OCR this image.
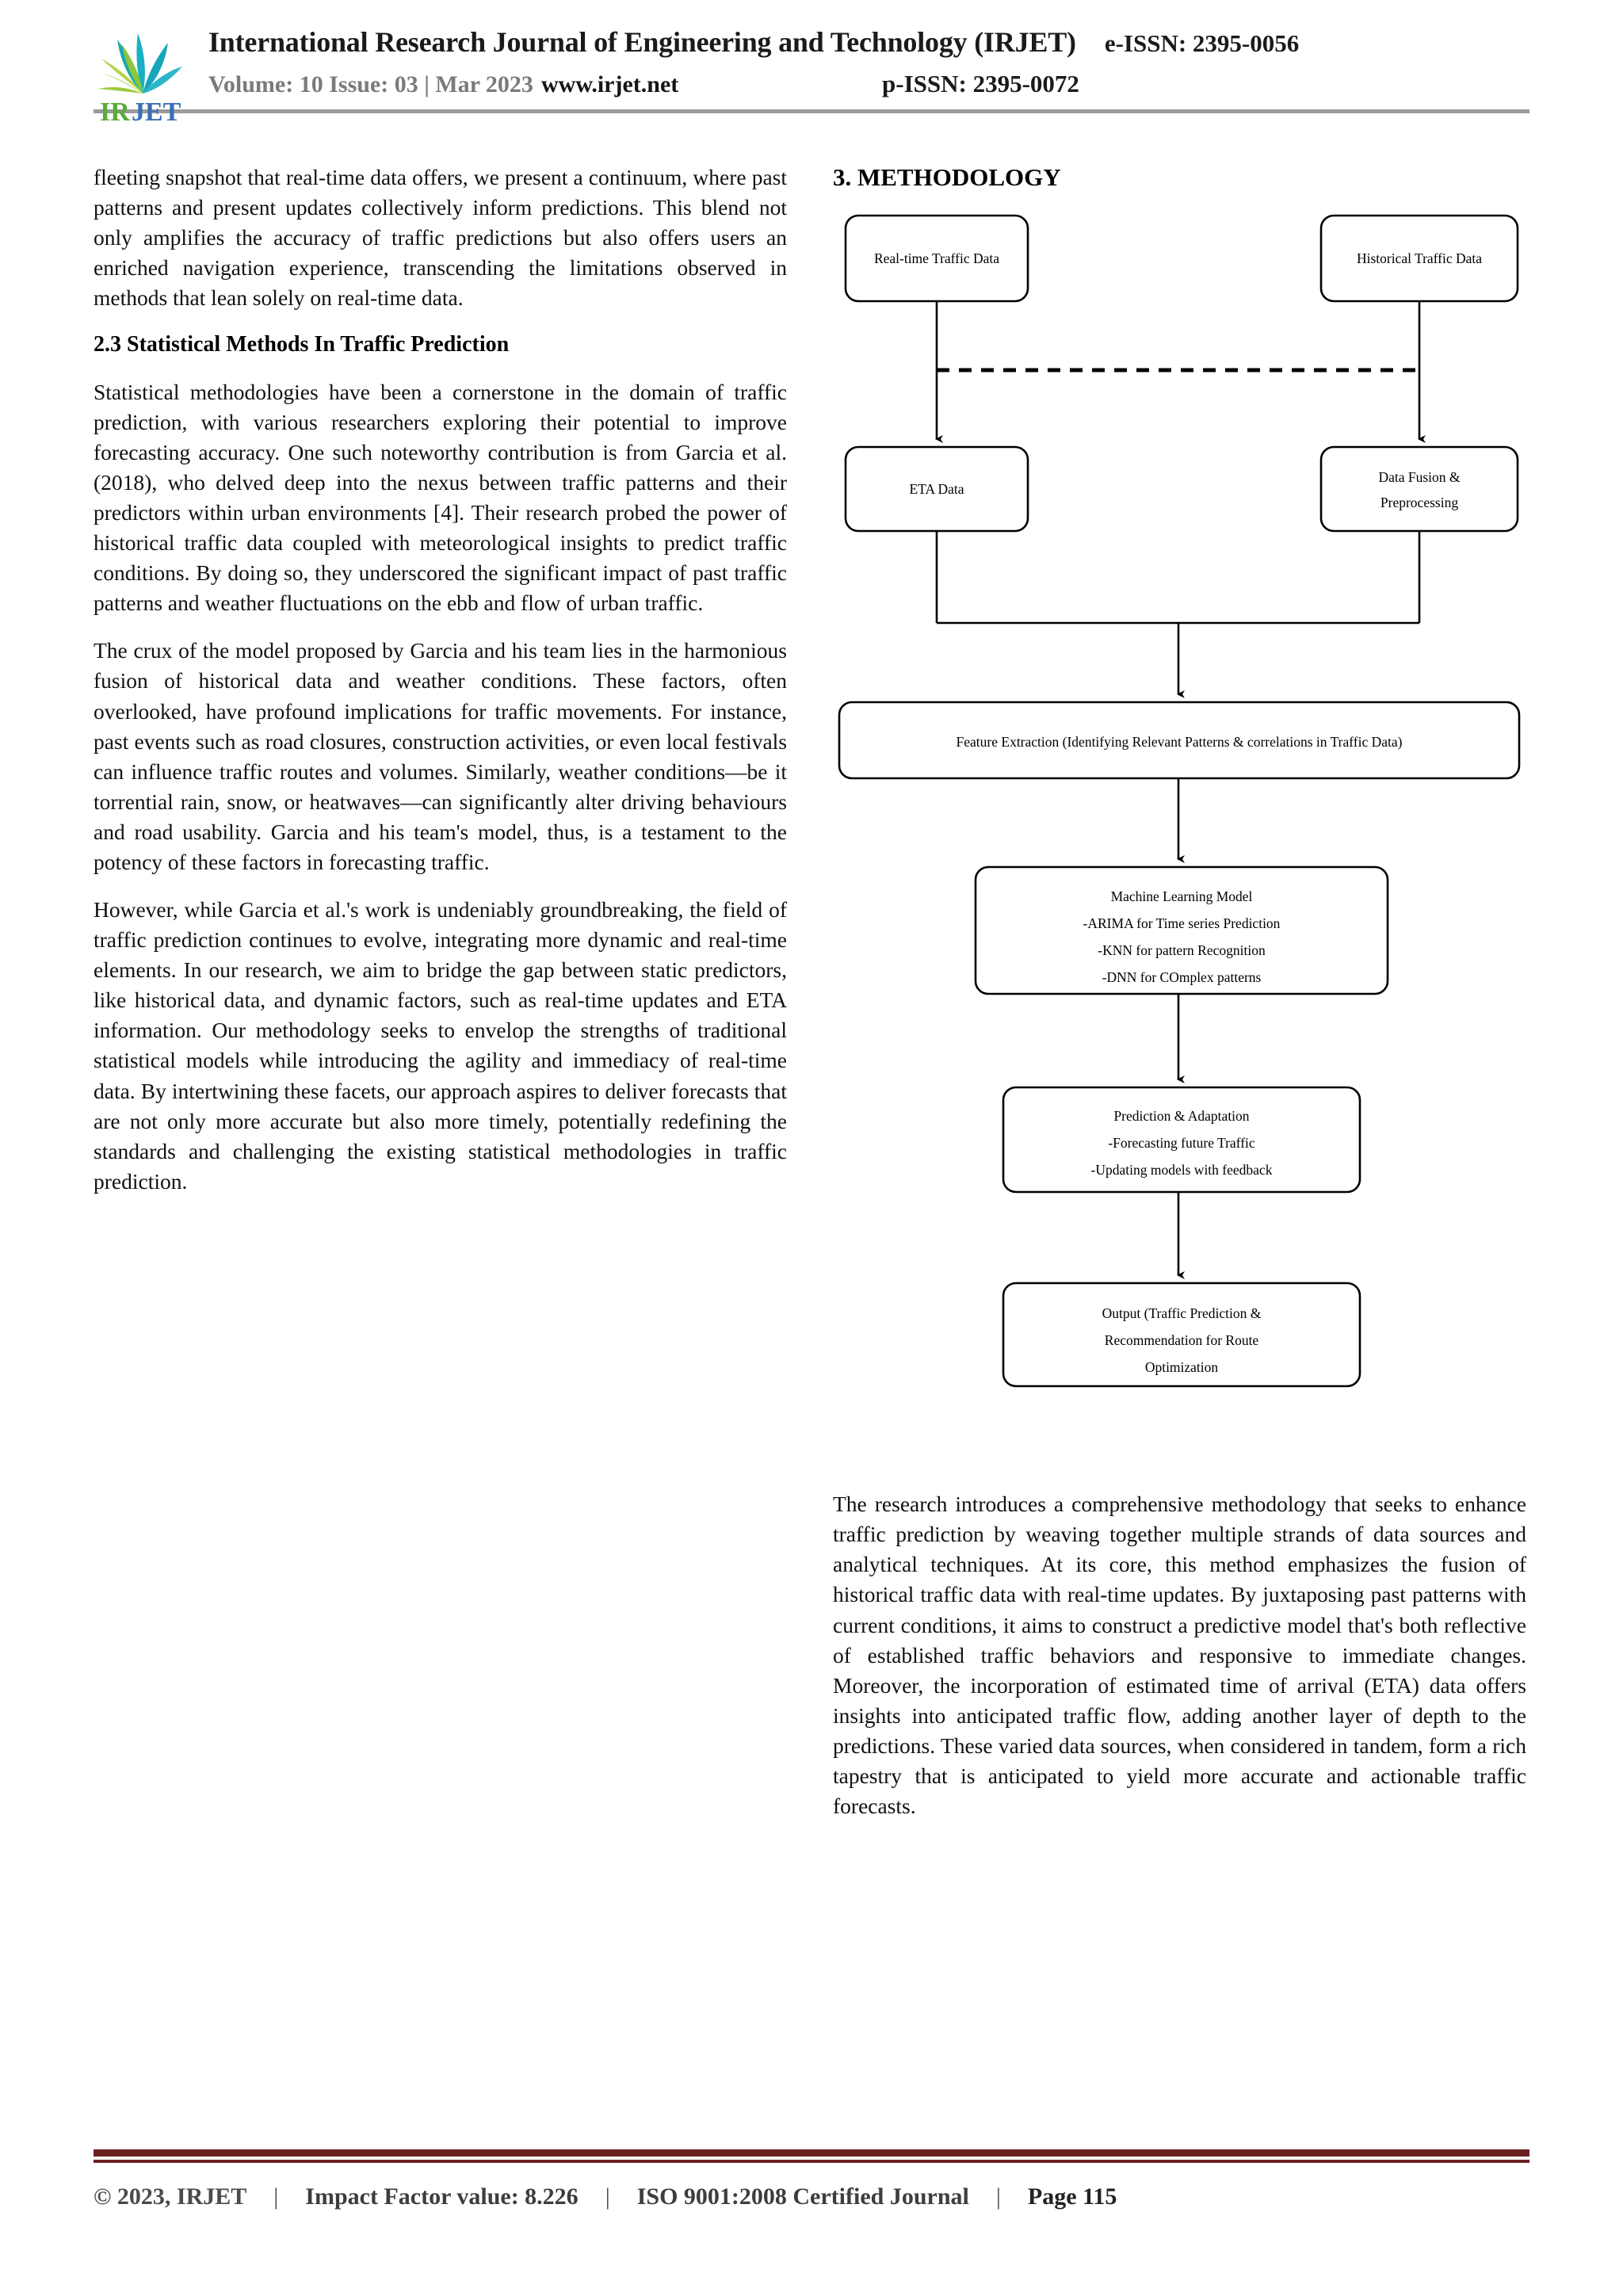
IR JET
International Research Journal of Engineering and Technology (IRJET) e-ISSN: 2395-0056
Volume: 10 Issue: 03 | Mar 2023 www.irjet.net	p-ISSN: 2395-0072

fleeting snapshot that real-time data offers, we present a continuum, where past patterns and present updates collectively inform predictions. This blend not only amplifies the accuracy of traffic predictions but also offers users an enriched navigation experience, transcending the limitations observed in methods that lean solely on real-time data.

2.3 Statistical Methods In Traffic Prediction

Statistical methodologies have been a cornerstone in the domain of traffic prediction, with various researchers exploring their potential to improve forecasting accuracy. One such noteworthy contribution is from Garcia et al. (2018), who delved deep into the nexus between traffic patterns and their predictors within urban environments [4]. Their research probed the power of historical traffic data coupled with meteorological insights to predict traffic conditions. By doing so, they underscored the significant impact of past traffic patterns and weather fluctuations on the ebb and flow of urban traffic.

The crux of the model proposed by Garcia and his team lies in the harmonious fusion of historical data and weather conditions. These factors, often overlooked, have profound implications for traffic movements. For instance, past events such as road closures, construction activities, or even local festivals can influence traffic routes and volumes. Similarly, weather conditions—be it torrential rain, snow, or heatwaves—can significantly alter driving behaviours and road usability. Garcia and his team's model, thus, is a testament to the potency of these factors in forecasting traffic.

However, while Garcia et al.'s work is undeniably groundbreaking, the field of traffic prediction continues to evolve, integrating more dynamic and real-time elements. In our research, we aim to bridge the gap between static predictors, like historical data, and dynamic factors, such as real-time updates and ETA information. Our methodology seeks to envelop the strengths of traditional statistical models while introducing the agility and immediacy of real-time data. By intertwining these facets, our approach aspires to deliver forecasts that are not only more accurate but also more timely, potentially redefining the standards and challenging the existing statistical methodologies in traffic prediction.

3. METHODOLOGY
Real-time Traffic Data	Historical Traffic Data
ETA Data
Data Fusion &
Preprocessing
Feature Extraction (Identifying Relevant Patterns & correlations in Traffic Data)
Machine Learning Model
-ARIMA for Time series Prediction
-KNN for pattern Recognition
-DNN for COmplex patterns
Prediction & Adaptation
-Forecasting future Traffic
-Updating models with feedback
Output (Traffic Prediction &
Recommendation for Route
Optimization

The research introduces a comprehensive methodology that seeks to enhance traffic prediction by weaving together multiple strands of data sources and analytical techniques. At its core, this method emphasizes the fusion of historical traffic data with real-time updates. By juxtaposing past patterns with current conditions, it aims to construct a predictive model that's both reflective of established traffic behaviors and responsive to immediate changes. Moreover, the incorporation of estimated time of arrival (ETA) data offers insights into anticipated traffic flow, adding another layer of depth to the predictions. These varied data sources, when considered in tandem, form a rich tapestry that is anticipated to yield more accurate and actionable traffic forecasts.

© 2023, IRJET | Impact Factor value: 8.226 | ISO 9001:2008 Certified Journal | Page 115
